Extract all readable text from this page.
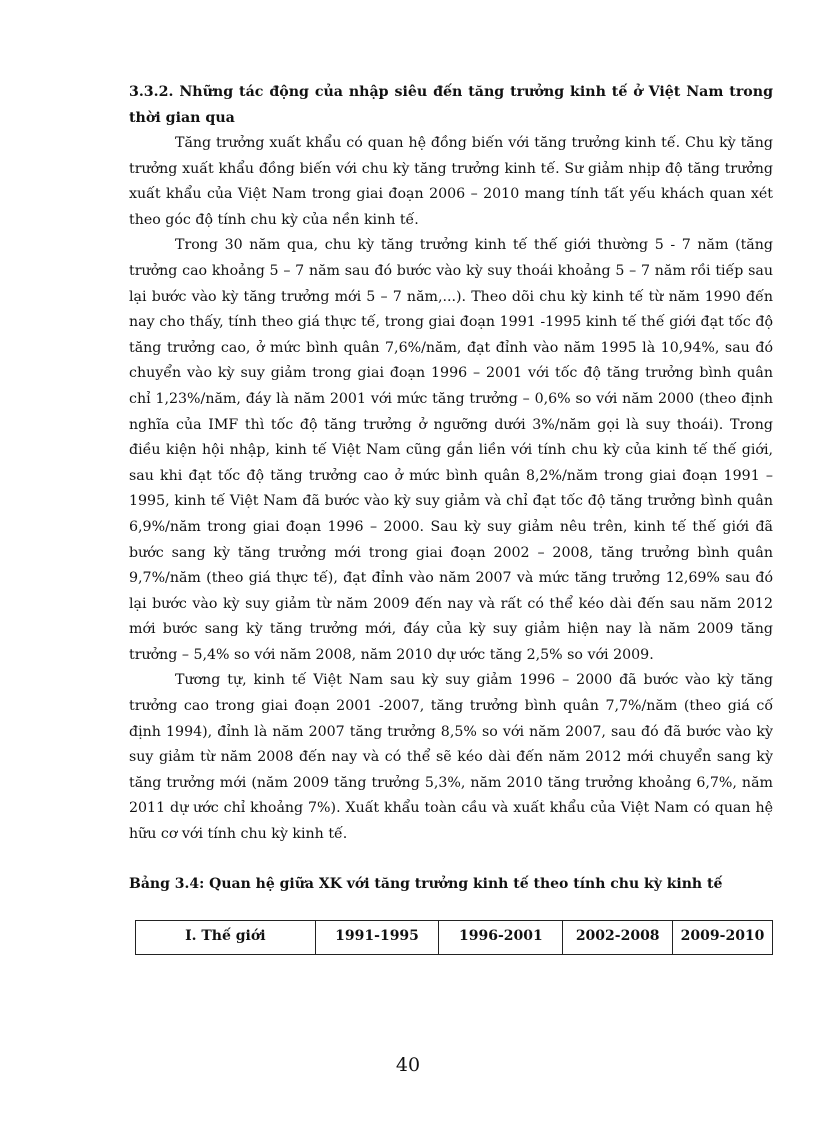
3.3.2. Những tác động của nhập siêu đến tăng trưởng kinh tế ở Việt Nam trong thời gian qua

Tăng trưởng xuất khẩu có quan hệ đồng biến với tăng trưởng kinh tế. Chu kỳ tăng trưởng xuất khẩu đồng biến với chu kỳ tăng trưởng kinh tế. Sư giảm nhịp độ tăng trưởng xuất khẩu của Việt Nam trong giai đoạn 2006 – 2010 mang tính tất yếu khách quan xét theo góc độ tính chu kỳ của nền kinh tế.

Trong 30 năm qua, chu kỳ tăng trưởng kinh tế thế giới thường 5 - 7 năm (tăng trưởng cao khoảng 5 – 7 năm sau đó bước vào kỳ suy thoái khoảng 5 – 7 năm rồi tiếp sau lại bước vào kỳ tăng trưởng mới 5 – 7 năm,...). Theo dõi chu kỳ kinh tế từ năm 1990 đến nay cho thấy, tính theo giá thực tế, trong giai đoạn 1991 -1995 kinh tế thế giới đạt tốc độ tăng trưởng cao, ở mức bình quân 7,6%/năm, đạt đỉnh vào năm 1995 là 10,94%, sau đó chuyển vào kỳ suy giảm trong giai đoạn 1996 – 2001 với tốc độ tăng trưởng bình quân chỉ 1,23%/năm, đáy là năm 2001 với mức tăng trưởng – 0,6% so với năm 2000 (theo định nghĩa của IMF thì tốc độ tăng trưởng ở ngưỡng dưới 3%/năm gọi là suy thoái). Trong điều kiện hội nhập, kinh tế Việt Nam cũng gắn liền với tính chu kỳ của kinh tế thế giới, sau khi đạt tốc độ tăng trưởng cao ở mức bình quân 8,2%/năm trong giai đoạn 1991 – 1995, kinh tế Việt Nam đã bước vào kỳ suy giảm và chỉ đạt tốc độ tăng trưởng bình quân 6,9%/năm trong giai đoạn 1996 – 2000. Sau kỳ suy giảm nêu trên, kinh tế thế giới đã bước sang kỳ tăng trưởng mới trong giai đoạn 2002 – 2008, tăng trưởng bình quân 9,7%/năm (theo giá thực tế), đạt đỉnh vào năm 2007 và mức tăng trưởng 12,69% sau đó lại bước vào kỳ suy giảm từ năm 2009 đến nay và rất có thể kéo dài đến sau năm 2012 mới bước sang kỳ tăng trưởng mới, đáy của kỳ suy giảm hiện nay là năm 2009 tăng trưởng – 5,4% so với năm 2008, năm 2010 dự ước tăng 2,5% so với 2009.

Tương tự, kinh tế Việt Nam sau kỳ suy giảm 1996 – 2000 đã bước vào kỳ tăng trưởng cao trong giai đoạn 2001 -2007, tăng trưởng bình quân 7,7%/năm (theo giá cố định 1994), đỉnh là năm 2007 tăng trưởng 8,5% so với năm 2007, sau đó đã bước vào kỳ suy giảm từ năm 2008 đến nay và có thể sẽ kéo dài đến năm 2012 mới chuyển sang kỳ tăng trưởng mới (năm 2009 tăng trưởng 5,3%, năm 2010 tăng trưởng khoảng 6,7%, năm 2011 dự ước chỉ khoảng 7%). Xuất khẩu toàn cầu và xuất khẩu của Việt Nam có quan hệ hữu cơ với tính chu kỳ kinh tế.

Bảng 3.4: Quan hệ giữa XK với tăng trưởng kinh tế theo tính chu kỳ kinh tế

I. Thế giới	1991-1995	1996-2001	2002-2008	2009-2010
40
